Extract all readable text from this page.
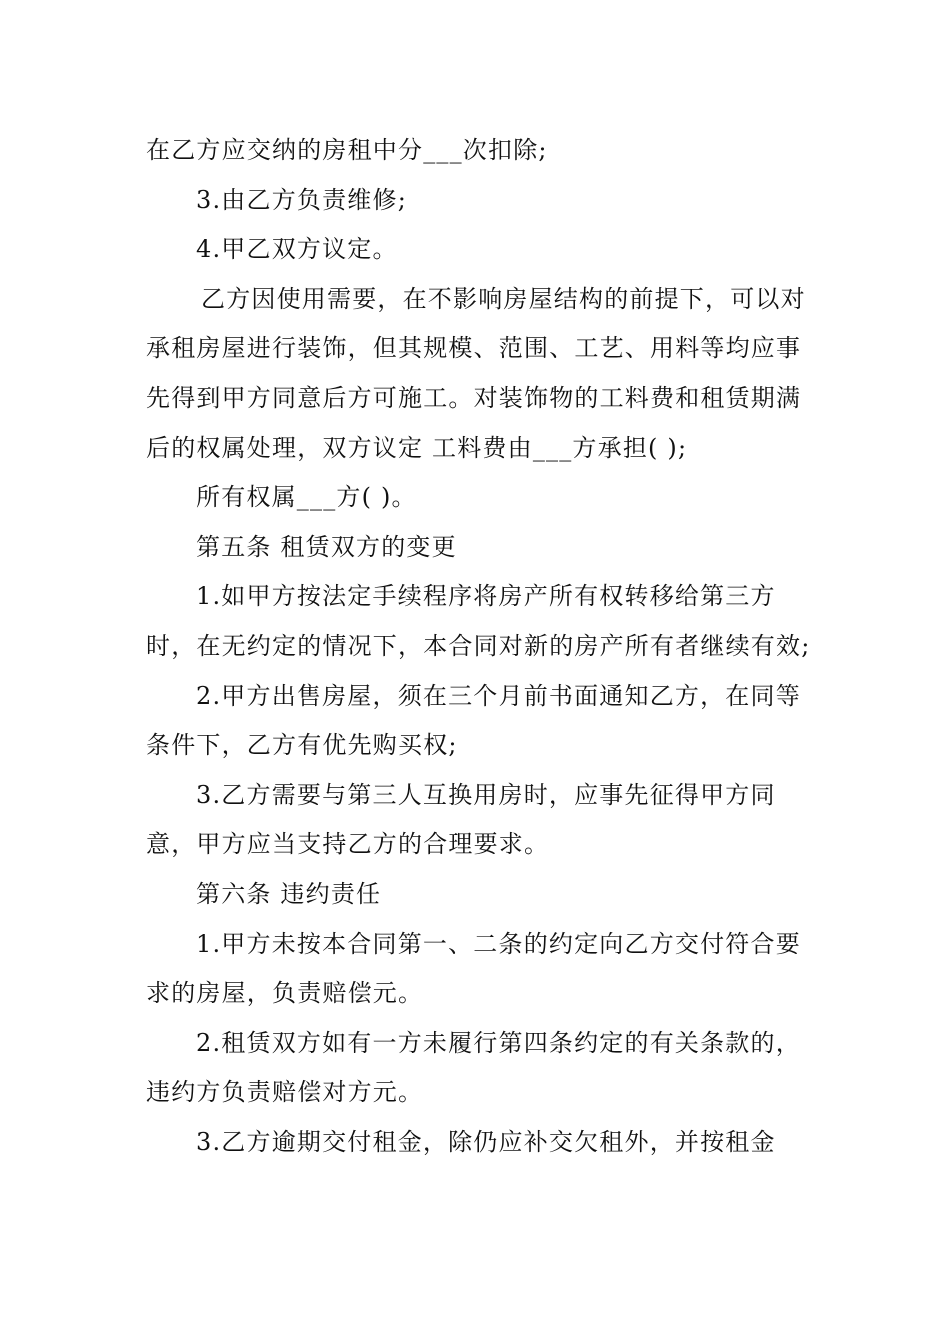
在乙方应交纳的房租中分___次扣除;

3.由乙方负责维修;

4.甲乙双方议定。

乙方因使用需要，在不影响房屋结构的前提下，可以对承租房屋进行装饰，但其规模、范围、工艺、用料等均应事先得到甲方同意后方可施工。对装饰物的工料费和租赁期满后的权属处理，双方议定 工料费由___方承担( );

所有权属___方( )。

第五条 租赁双方的变更

1.如甲方按法定手续程序将房产所有权转移给第三方时，在无约定的情况下，本合同对新的房产所有者继续有效;

2.甲方出售房屋，须在三个月前书面通知乙方，在同等条件下，乙方有优先购买权;

3.乙方需要与第三人互换用房时，应事先征得甲方同意，甲方应当支持乙方的合理要求。

第六条 违约责任

1.甲方未按本合同第一、二条的约定向乙方交付符合要求的房屋，负责赔偿元。

2.租赁双方如有一方未履行第四条约定的有关条款的，违约方负责赔偿对方元。

3.乙方逾期交付租金，除仍应补交欠租外，并按租金
